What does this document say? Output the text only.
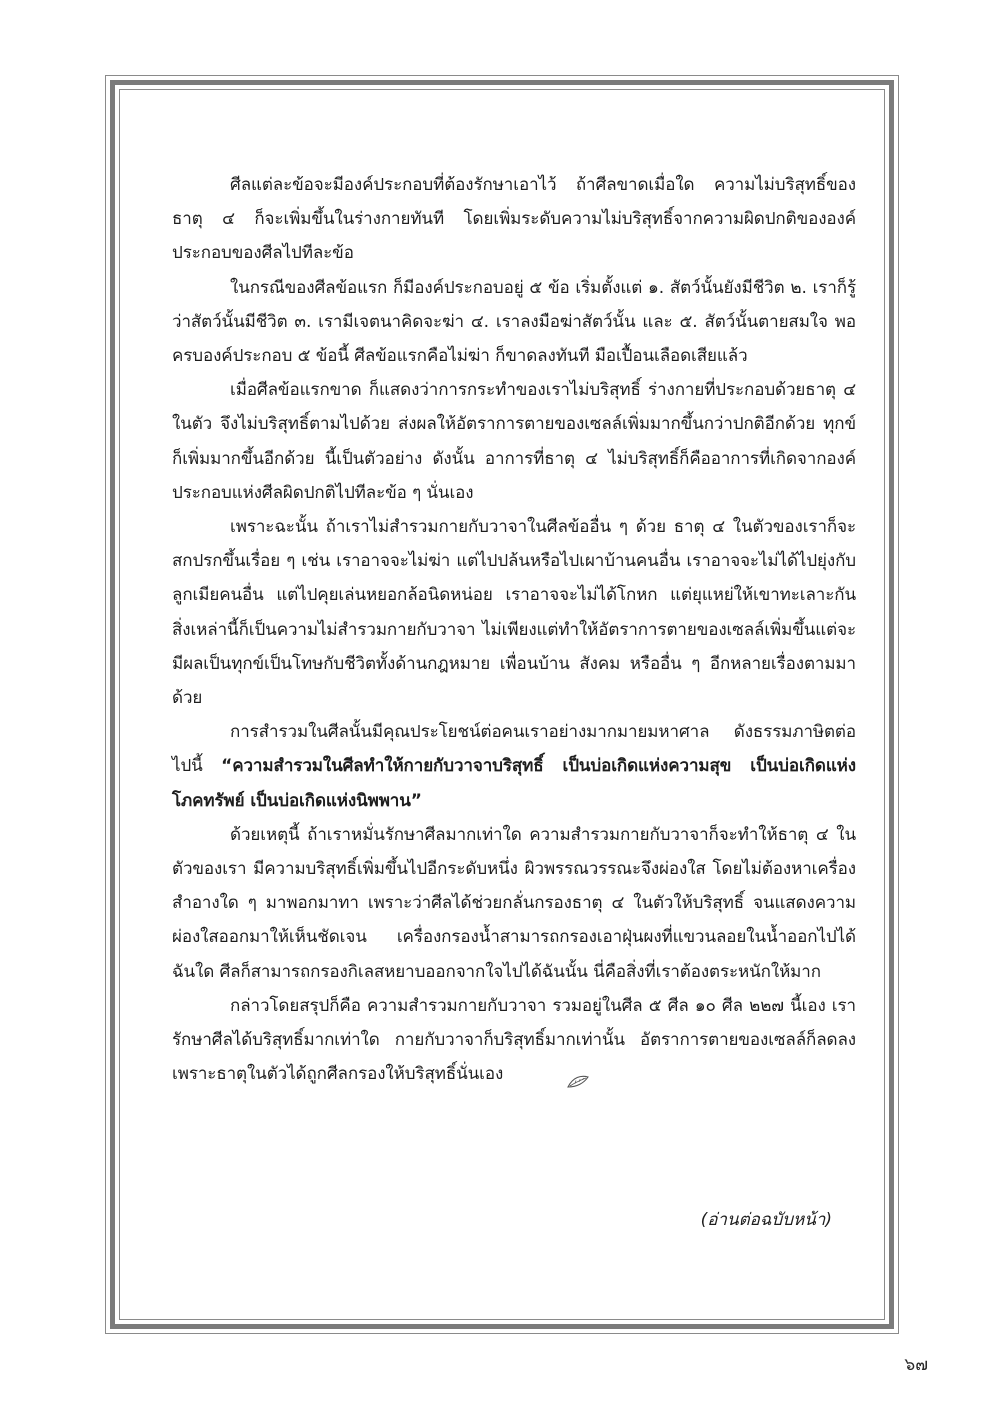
ศีลแต่ละข้อจะมีองค์ประกอบที่ต้องรักษาเอาไว้ ถ้าศีลขาดเมื่อใด ความไม่บริสุทธิ์ของธาตุ ๔ ก็จะเพิ่มขึ้นในร่างกายทันที โดยเพิ่มระดับความไม่บริสุทธิ์จากความผิดปกติขององค์ประกอบของศีลไปทีละข้อ

ในกรณีของศีลข้อแรก ก็มีองค์ประกอบอยู่ ๕ ข้อ เริ่มตั้งแต่ ๑. สัตว์นั้นยังมีชีวิต ๒. เราก็รู้ว่าสัตว์นั้นมีชีวิต ๓. เรามีเจตนาคิดจะฆ่า ๔. เราลงมือฆ่าสัตว์นั้น และ ๕. สัตว์นั้นตายสมใจ พอครบองค์ประกอบ ๕ ข้อนี้ ศีลข้อแรกคือไม่ฆ่า ก็ขาดลงทันที มือเปื้อนเลือดเสียแล้ว

เมื่อศีลข้อแรกขาด ก็แสดงว่าการกระทำของเราไม่บริสุทธิ์ ร่างกายที่ประกอบด้วยธาตุ ๔ ในตัว จึงไม่บริสุทธิ์ตามไปด้วย ส่งผลให้อัตราการตายของเซลล์เพิ่มมากขึ้นกว่าปกติอีกด้วย ทุกข์ก็เพิ่มมากขึ้นอีกด้วย นี้เป็นตัวอย่าง ดังนั้น อาการที่ธาตุ ๔ ไม่บริสุทธิ์ก็คืออาการที่เกิดจากองค์ประกอบแห่งศีลผิดปกติไปทีละข้อ ๆ นั่นเอง

เพราะฉะนั้น ถ้าเราไม่สำรวมกายกับวาจาในศีลข้ออื่น ๆ ด้วย ธาตุ ๔ ในตัวของเราก็จะสกปรกขึ้นเรื่อย ๆ เช่น เราอาจจะไม่ฆ่า แต่ไปปล้นหรือไปเผาบ้านคนอื่น เราอาจจะไม่ได้ไปยุ่งกับลูกเมียคนอื่น แต่ไปคุยเล่นหยอกล้อนิดหน่อย เราอาจจะไม่ได้โกหก แต่ยุแหย่ให้เขาทะเลาะกัน สิ่งเหล่านี้ก็เป็นความไม่สำรวมกายกับวาจา ไม่เพียงแต่ทำให้อัตราการตายของเซลล์เพิ่มขึ้นแต่จะมีผลเป็นทุกข์เป็นโทษกับชีวิตทั้งด้านกฎหมาย เพื่อนบ้าน สังคม หรืออื่น ๆ อีกหลายเรื่องตามมาด้วย

การสำรวมในศีลนั้นมีคุณประโยชน์ต่อคนเราอย่างมากมายมหาศาล ดังธรรมภาษิตต่อไปนี้ “ความสำรวมในศีลทำให้กายกับวาจาบริสุทธิ์ เป็นบ่อเกิดแห่งความสุข เป็นบ่อเกิดแห่งโภคทรัพย์ เป็นบ่อเกิดแห่งนิพพาน”

ด้วยเหตุนี้ ถ้าเราหมั่นรักษาศีลมากเท่าใด ความสำรวมกายกับวาจาก็จะทำให้ธาตุ ๔ ในตัวของเรา มีความบริสุทธิ์เพิ่มขึ้นไปอีกระดับหนึ่ง ผิวพรรณวรรณะจึงผ่องใส โดยไม่ต้องหาเครื่องสำอางใด ๆ มาพอกมาทา เพราะว่าศีลได้ช่วยกลั่นกรองธาตุ ๔ ในตัวให้บริสุทธิ์ จนแสดงความผ่องใสออกมาให้เห็นชัดเจน เครื่องกรองน้ำสามารถกรองเอาฝุ่นผงที่แขวนลอยในน้ำออกไปได้ฉันใด ศีลก็สามารถกรองกิเลสหยาบออกจากใจไปได้ฉันนั้น นี่คือสิ่งที่เราต้องตระหนักให้มาก

กล่าวโดยสรุปก็คือ ความสำรวมกายกับวาจา รวมอยู่ในศีล ๕ ศีล ๑๐ ศีล ๒๒๗ นี้เอง เรารักษาศีลได้บริสุทธิ์มากเท่าใด กายกับวาจาก็บริสุทธิ์มากเท่านั้น อัตราการตายของเซลล์ก็ลดลง เพราะธาตุในตัวได้ถูกศีลกรองให้บริสุทธิ์นั่นเอง

(อ่านต่อฉบับหน้า)
๖๗
